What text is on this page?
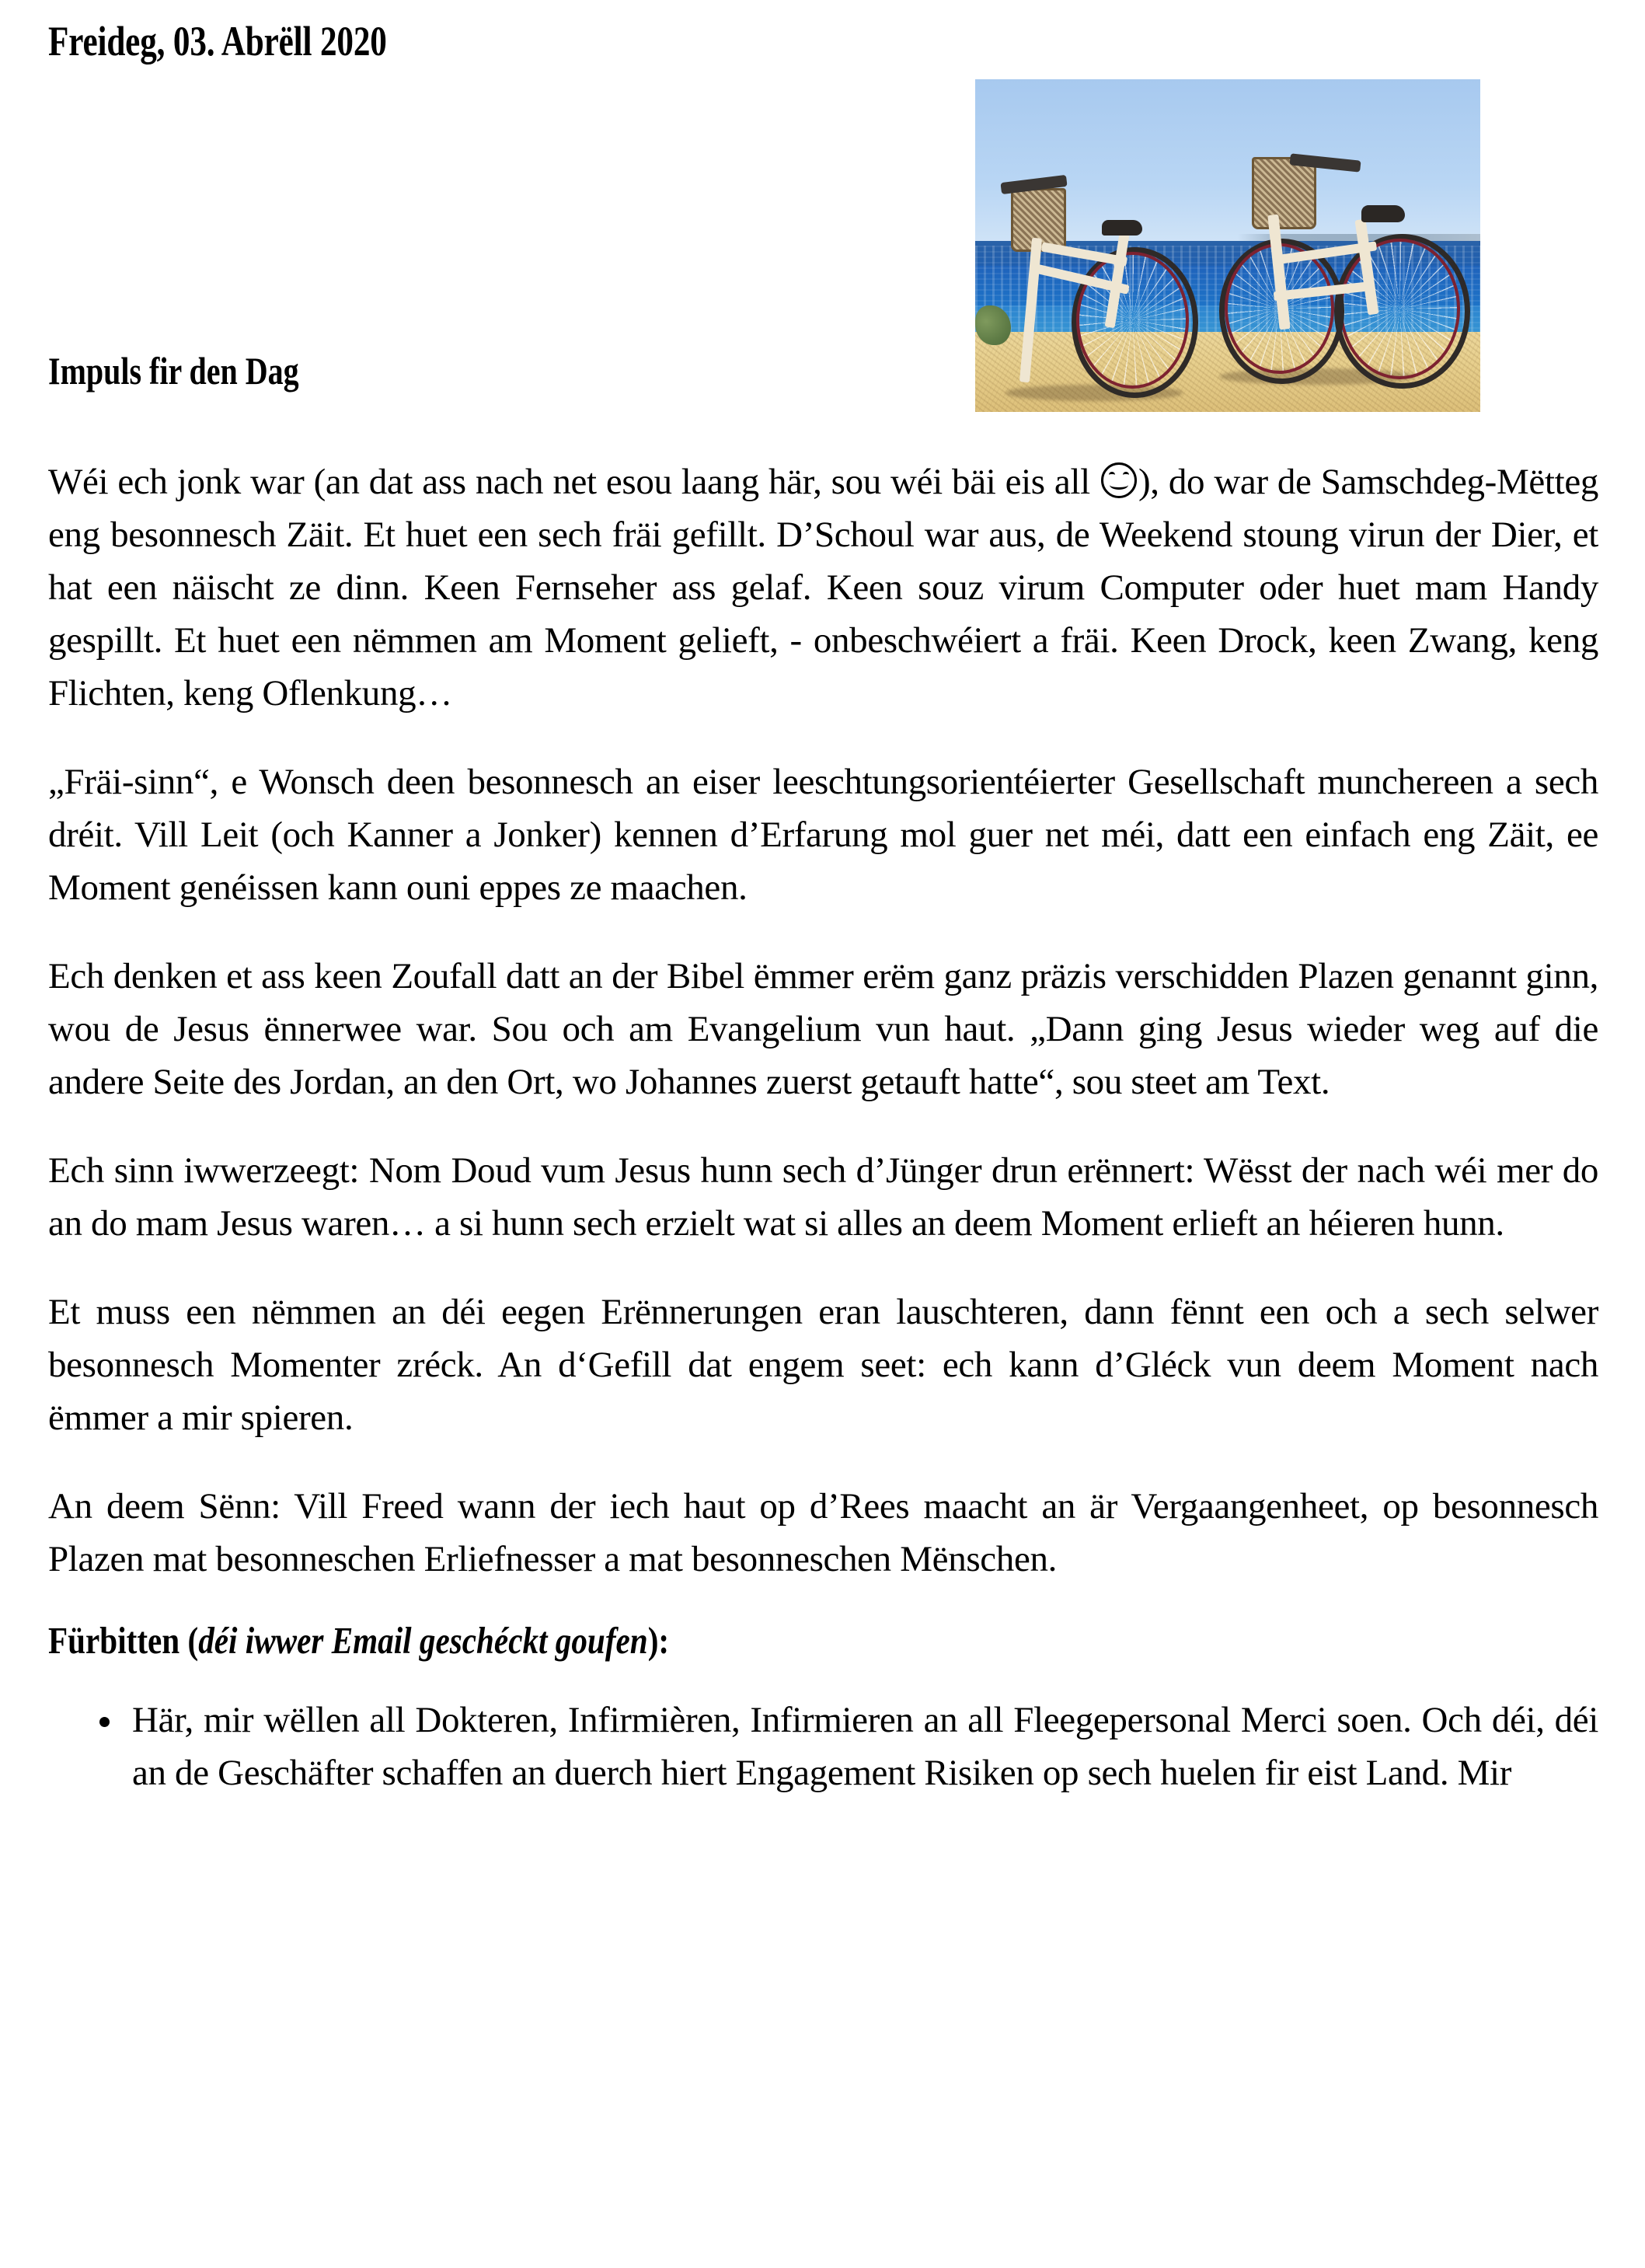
Freideg, 03. Abrëll 2020
Impuls fir den Dag

Wéi ech jonk war (an dat ass nach net esou laang här, sou wéi bäi eis all
), do war de Samschdeg-Mëtteg eng besonnesch Zäit. Et huet een sech fräi gefillt. D’Schoul war aus, de Weekend stoung virun der Dier, et hat een näischt ze dinn. Keen Fernseher ass gelaf. Keen souz virum Computer oder huet mam Handy gespillt. Et huet een nëmmen am Moment gelieft, - onbeschwéiert a fräi. Keen Drock, keen Zwang, keng Flichten, keng Oflenkung…

„Fräi-sinn“, e Wonsch deen besonnesch an eiser leeschtungsorientéierter Gesellschaft munchereen a sech dréit. Vill Leit (och Kanner a Jonker) kennen d’Erfarung mol guer net méi, datt een einfach eng Zäit, ee Moment genéissen kann ouni eppes ze maachen.

Ech denken et ass keen Zoufall datt an der Bibel ëmmer erëm ganz präzis verschidden Plazen genannt ginn, wou de Jesus ënnerwee war. Sou och am Evangelium vun haut. „Dann ging Jesus wieder weg auf die andere Seite des Jordan, an den Ort, wo Johannes zuerst getauft hatte“, sou steet am Text.

Ech sinn iwwerzeegt: Nom Doud vum Jesus hunn sech d’Jünger drun erënnert: Wësst der nach wéi mer do an do mam Jesus waren… a si hunn sech erzielt wat si alles an deem Moment erlieft an héieren hunn.

Et muss een nëmmen an déi eegen Erënnerungen eran lauschteren, dann fënnt een och a sech selwer besonnesch Momenter zréck. An d‘Gefill dat engem seet: ech kann d’Gléck vun deem Moment nach ëmmer a mir spieren.

An deem Sënn: Vill Freed wann der iech haut op d’Rees maacht an är Vergaangenheet, op besonnesch Plazen mat besonneschen Erliefnesser a mat besonneschen Mënschen.

Fürbitten (déi iwwer Email geschéckt goufen):
Här, mir wëllen all Dokteren, Infirmièren, Infirmieren an all Fleegepersonal Merci soen. Och déi, déi an de Geschäfter schaffen an duerch hiert Engagement Risiken op sech huelen fir eist Land. Mir
